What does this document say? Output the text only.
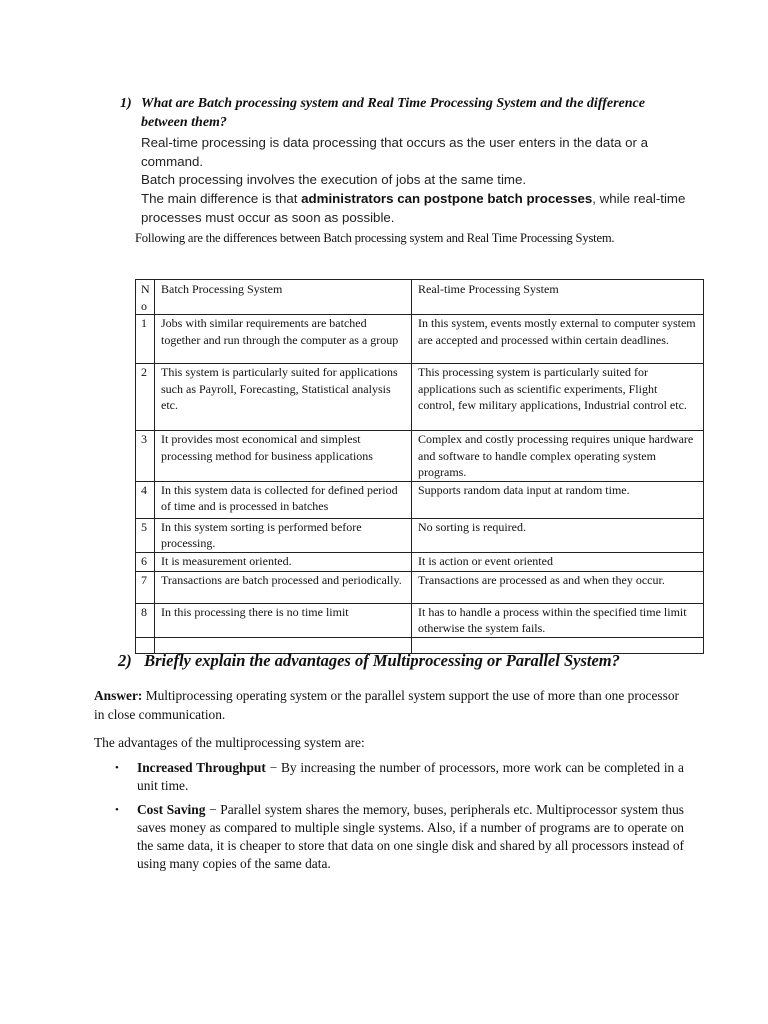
1) What are Batch processing system and Real Time Processing System and the difference between them?
Real-time processing is data processing that occurs as the user enters in the data or a command.
Batch processing involves the execution of jobs at the same time.
The main difference is that administrators can postpone batch processes, while real-time processes must occur as soon as possible.
Following are the differences between Batch processing system and Real Time Processing System.
No	Batch Processing System	Real-time Processing System
1	Jobs with similar requirements are batched together and run through the computer as a group	In this system, events mostly external to computer system are accepted and processed within certain deadlines.
2	This system is particularly suited for applications such as Payroll, Forecasting, Statistical analysis etc.	This processing system is particularly suited for applications such as scientific experiments, Flight control, few military applications, Industrial control etc.
3	It provides most economical and simplest processing method for business applications	Complex and costly processing requires unique hardware and software to handle complex operating system programs.
4	In this system data is collected for defined period of time and is processed in batches	Supports random data input at random time.
5	In this system sorting is performed before processing.	No sorting is required.
6	It is measurement oriented.	It is action or event oriented
7	Transactions are batch processed and periodically.	Transactions are processed as and when they occur.
8	In this processing there is no time limit	It has to handle a process within the specified time limit otherwise the system fails.

2) Briefly explain the advantages of Multiprocessing or Parallel System?

Answer: Multiprocessing operating system or the parallel system support the use of more than one processor in close communication.

The advantages of the multiprocessing system are:

• Increased Throughput − By increasing the number of processors, more work can be completed in a unit time.
• Cost Saving − Parallel system shares the memory, buses, peripherals etc. Multiprocessor system thus saves money as compared to multiple single systems. Also, if a number of programs are to operate on the same data, it is cheaper to store that data on one single disk and shared by all processors instead of using many copies of the same data.
